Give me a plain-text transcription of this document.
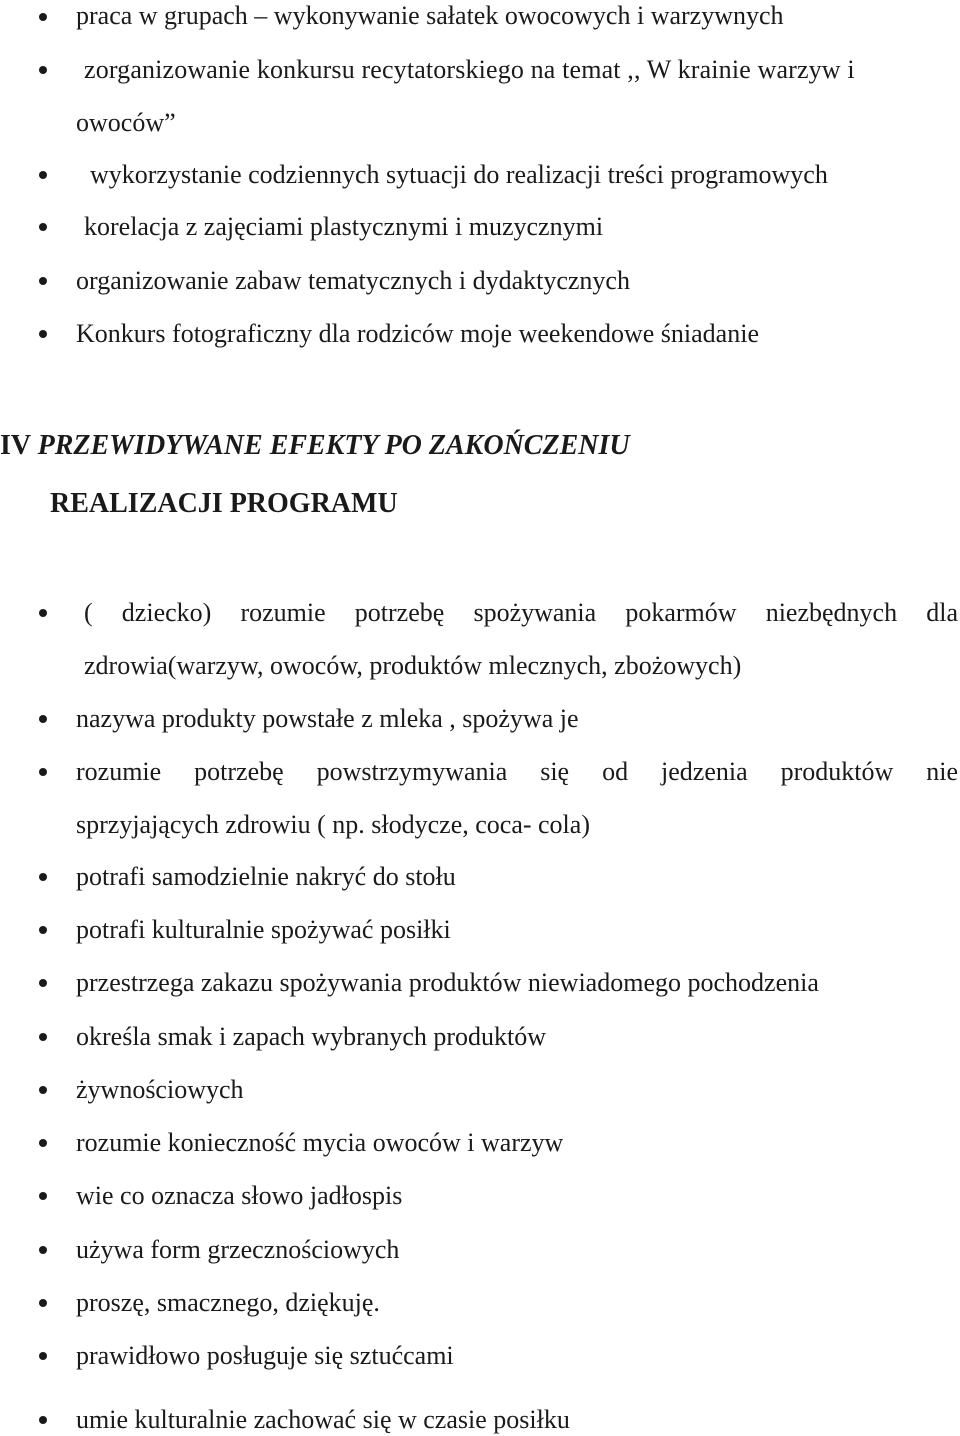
praca w grupach – wykonywanie sałatek owocowych i warzywnych
zorganizowanie konkursu recytatorskiego na temat ,, W krainie warzyw i
owoców”
wykorzystanie codziennych sytuacji do realizacji treści programowych
korelacja z zajęciami plastycznymi i muzycznymi
organizowanie zabaw tematycznych i dydaktycznych
Konkurs fotograficzny dla rodziców moje weekendowe śniadanie
IV PRZEWIDYWANE EFEKTY PO ZAKOŃCZENIU
REALIZACJI PROGRAMU
( dziecko) rozumie potrzebę spożywania pokarmów niezbędnych dla
zdrowia(warzyw, owoców, produktów mlecznych, zbożowych)
nazywa produkty powstałe z mleka , spożywa je
rozumie potrzebę powstrzymywania się od jedzenia produktów nie
sprzyjających zdrowiu ( np. słodycze, coca- cola)
potrafi samodzielnie nakryć do stołu
potrafi kulturalnie spożywać posiłki
przestrzega zakazu spożywania produktów niewiadomego pochodzenia
określa smak i zapach wybranych produktów
żywnościowych
rozumie konieczność mycia owoców i warzyw
wie co oznacza słowo jadłospis
używa form grzecznościowych
proszę, smacznego, dziękuję.
prawidłowo posługuje się sztućcami
umie kulturalnie zachować się w czasie posiłku
